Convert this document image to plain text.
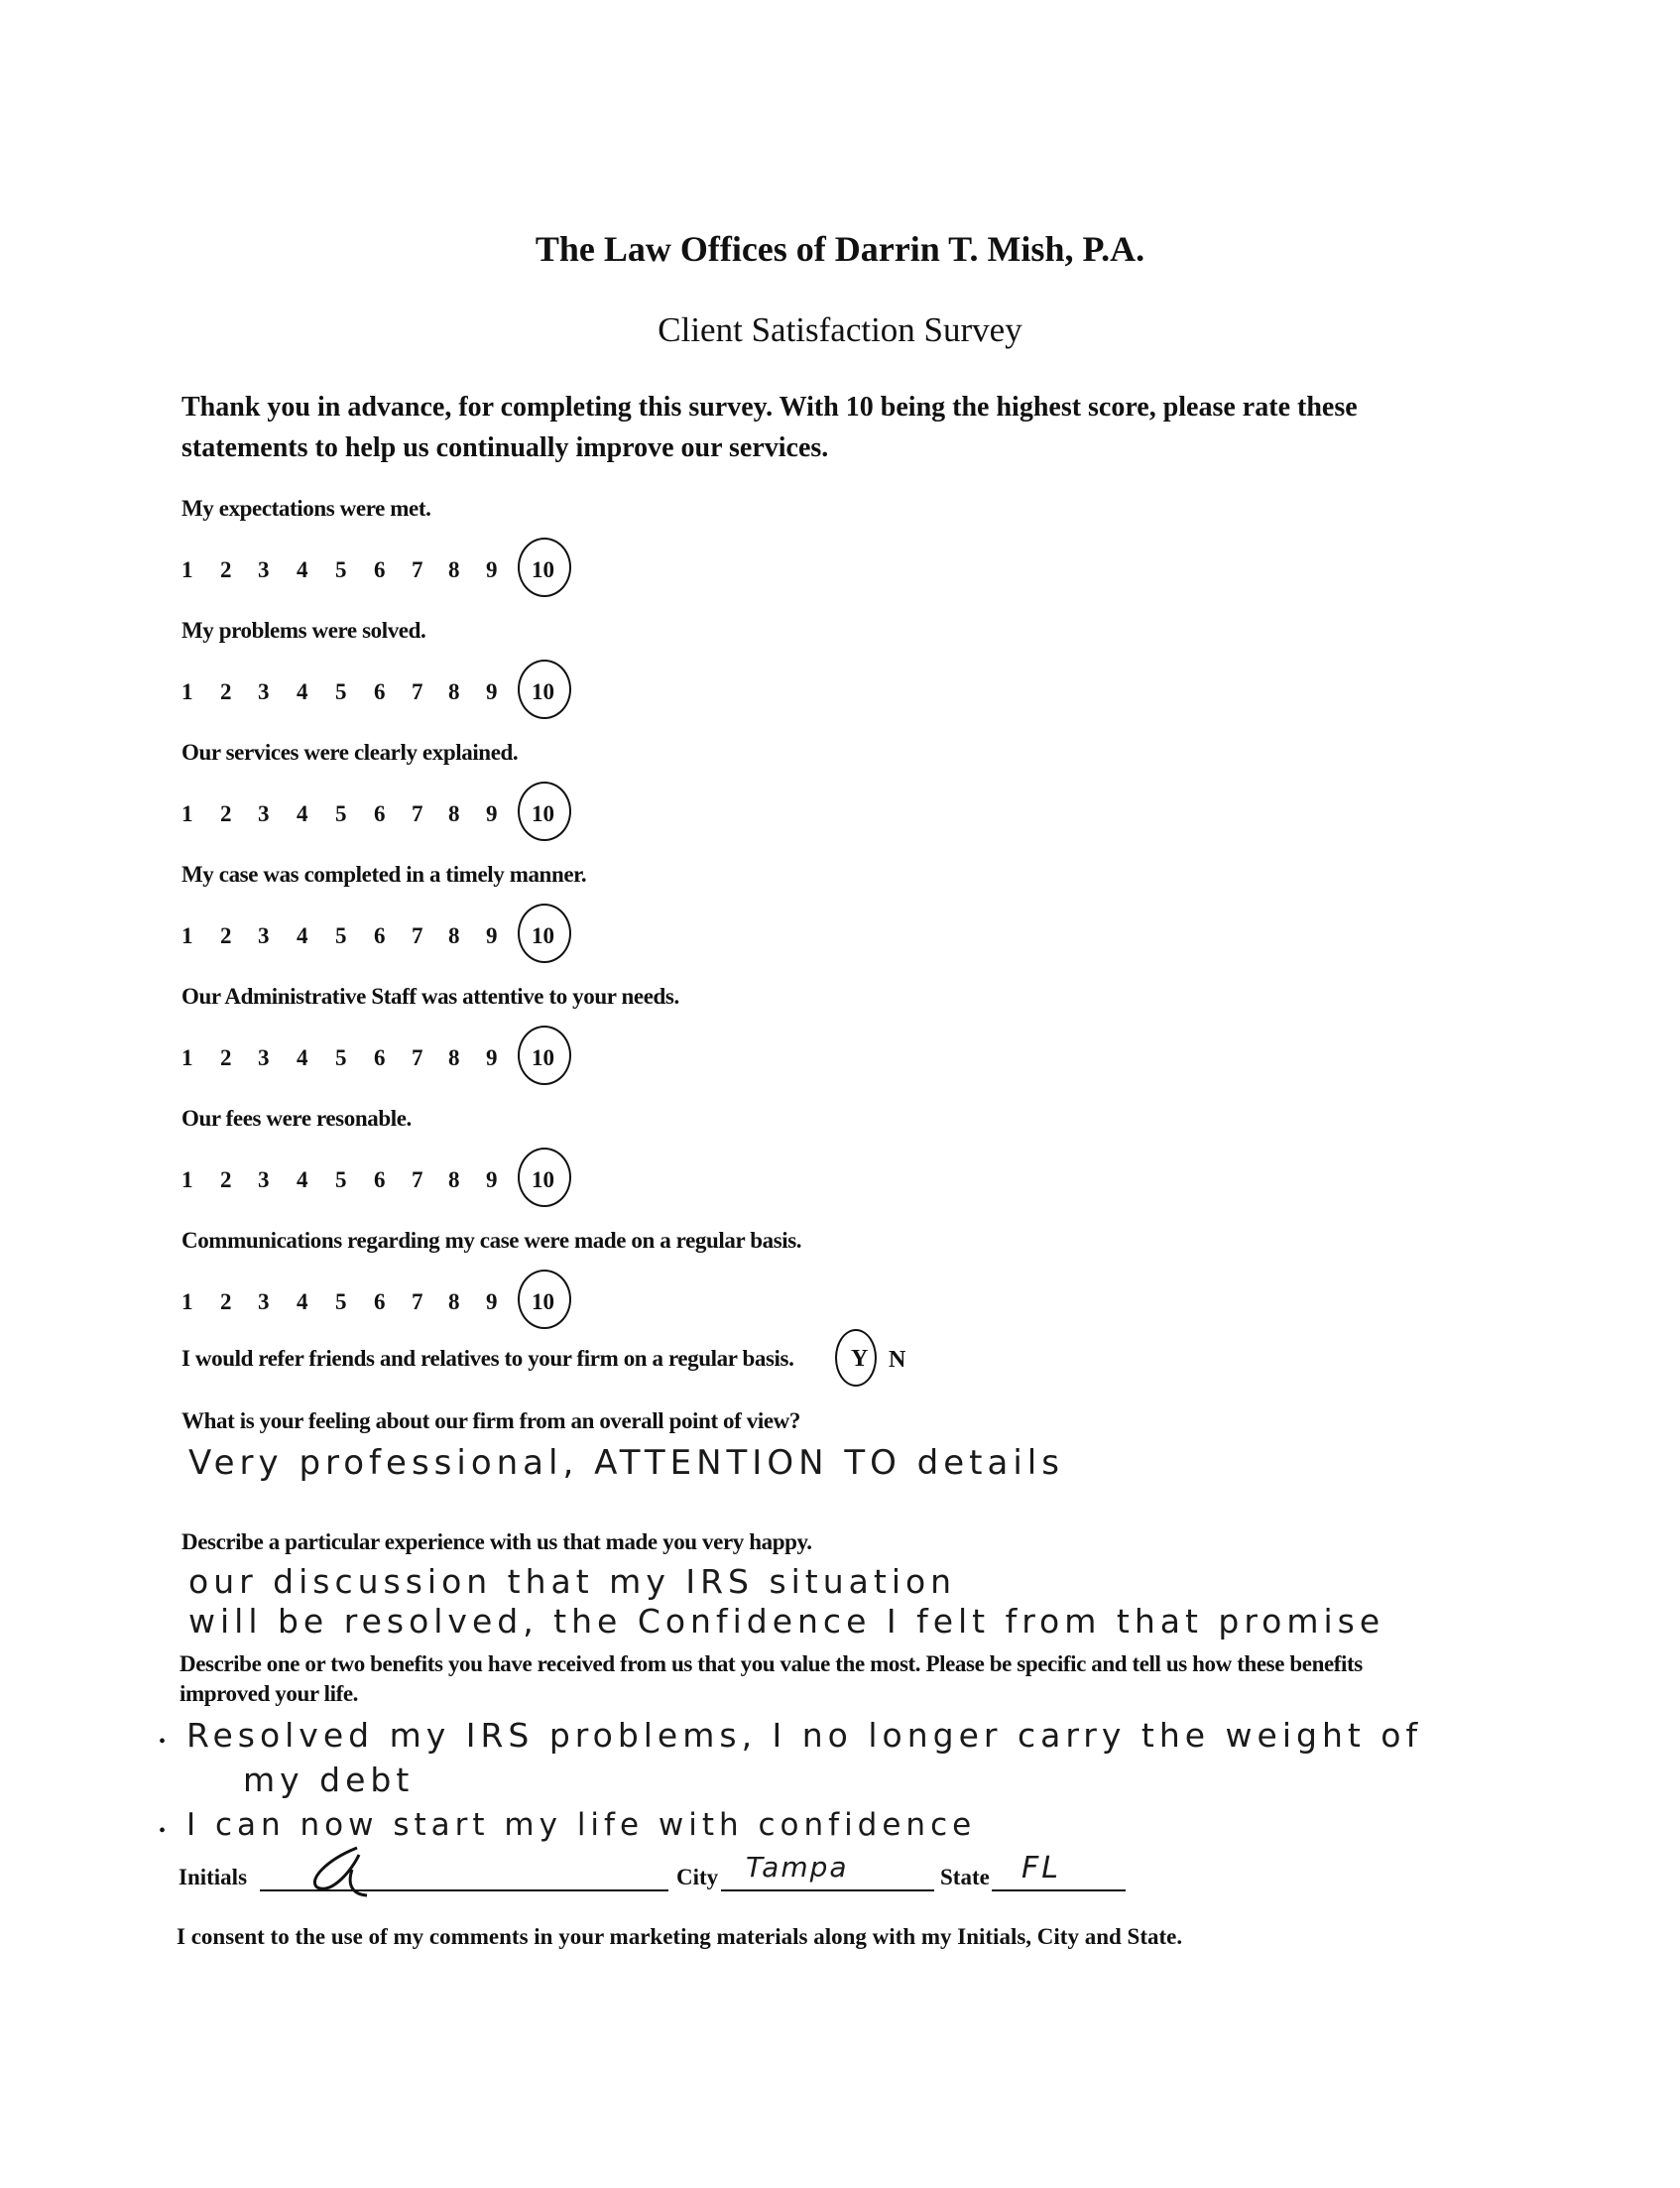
The Law Offices of Darrin T. Mish, P.A.
Client Satisfaction Survey
Thank you in advance, for completing this survey. With 10 being the highest score, please rate these statements to help us continually improve our services.
My expectations were met.
1 2 3 4 5 6 7 8 9 10
My problems were solved.
1 2 3 4 5 6 7 8 9 10
Our services were clearly explained.
1 2 3 4 5 6 7 8 9 10
My case was completed in a timely manner.
1 2 3 4 5 6 7 8 9 10
Our Administrative Staff was attentive to your needs.
1 2 3 4 5 6 7 8 9 10
Our fees were resonable.
1 2 3 4 5 6 7 8 9 10
Communications regarding my case were made on a regular basis.
1 2 3 4 5 6 7 8 9 10
I would refer friends and relatives to your firm on a regular basis. Y N
What is your feeling about our firm from an overall point of view?
Very professional, ATTENTION TO details
Describe a particular experience with us that made you very happy.
our discussion that my IRS situation
will be resolved, the Confidence I felt from that promise
Describe one or two benefits you have received from us that you value the most. Please be specific and tell us how these benefits
improved your life.
• Resolved my IRS problems, I no longer carry the weight of
my debt
• I can now start my life with confidence
Initials	City Tampa	State FL
I consent to the use of my comments in your marketing materials along with my Initials, City and State.
